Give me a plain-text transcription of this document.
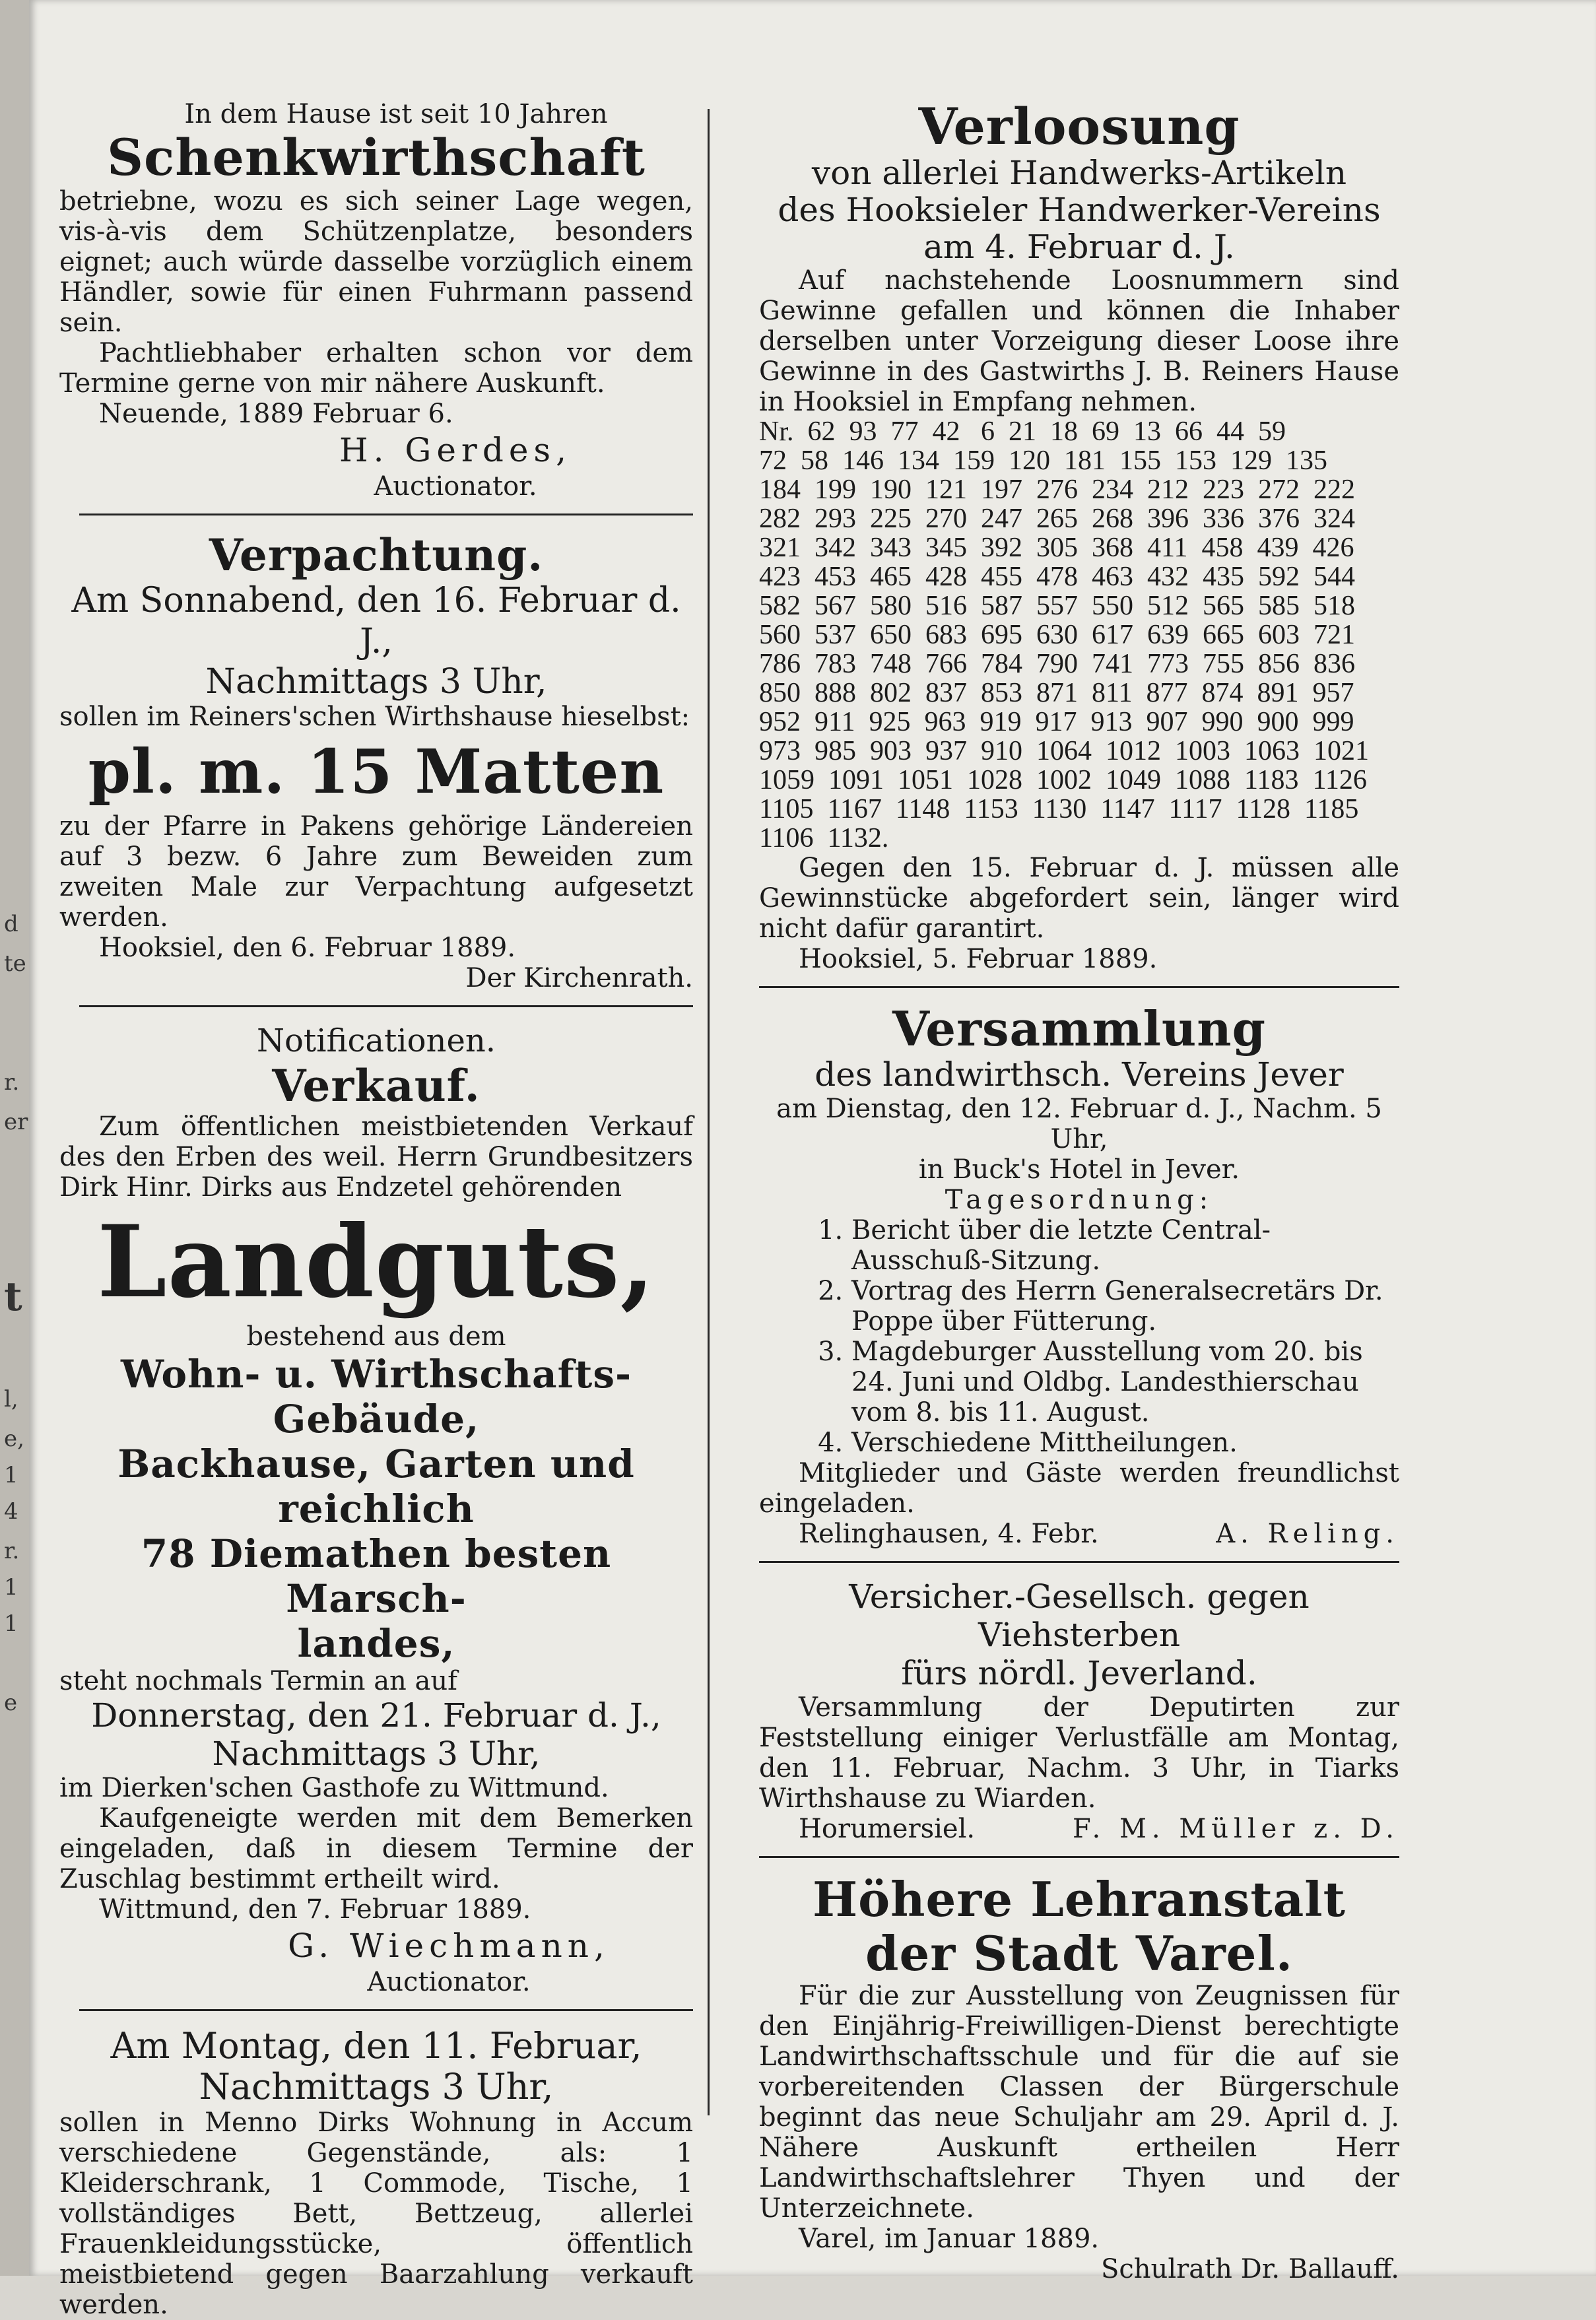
d
te
r.
er
t
l,
e,
1
4
r.
1
1
e

In dem Hause ist seit 10 Jahren

Schenkwirthschaft

betriebne, wozu es sich seiner Lage wegen, vis-à-vis dem Schützenplatze, besonders eignet; auch würde dasselbe vorzüglich einem Händler, sowie für einen Fuhrmann passend sein.

Pachtliebhaber erhalten schon vor dem Termine gerne von mir nähere Auskunft.

Neuende, 1889 Februar 6.

H. Gerdes,

Auctionator.

Verpachtung.

Am Sonnabend, den 16. Februar d. J.,

Nachmittags 3 Uhr,

sollen im Reiners'schen Wirthshause hieselbst:

pl. m. 15 Matten

zu der Pfarre in Pakens gehörige Ländereien auf 3 bezw. 6 Jahre zum Beweiden zum zweiten Male zur Verpachtung aufgesetzt werden.

Hooksiel, den 6. Februar 1889.

Der Kirchenrath.

Notificationen.

Verkauf.

Zum öffentlichen meistbietenden Verkauf des den Erben des weil. Herrn Grundbesitzers Dirk Hinr. Dirks aus Endzetel gehörenden

Landguts,

bestehend aus dem

Wohn- u. Wirthschafts-Gebäude,

Backhause, Garten und reichlich

78 Diemathen besten Marsch-

landes,

steht nochmals Termin an auf

Donnerstag, den 21. Februar d. J.,

Nachmittags 3 Uhr,

im Dierken'schen Gasthofe zu Wittmund.

Kaufgeneigte werden mit dem Bemerken eingeladen, daß in diesem Termine der Zuschlag bestimmt ertheilt wird.

Wittmund, den 7. Februar 1889.

G. Wiechmann,

Auctionator.

Am Montag, den 11. Februar,

Nachmittags 3 Uhr,

sollen in Menno Dirks Wohnung in Accum verschiedene Gegenstände, als: 1 Kleiderschrank, 1 Commode, Tische, 1 vollständiges Bett, Bettzeug, allerlei Frauenkleidungsstücke, öffentlich meistbietend gegen Baarzahlung verkauft werden.

Verloosung

von allerlei Handwerks-Artikeln

des Hooksieler Handwerker-Vereins

am 4. Februar d. J.

Auf nachstehende Loosnummern sind Gewinne gefallen und können die Inhaber derselben unter Vorzeigung dieser Loose ihre Gewinne in des Gastwirths J. B. Reiners Hause in Hooksiel in Empfang nehmen.

Nr.  62  93  77  42   6  21  18  69  13  66  44  59

72  58  146  134  159  120  181  155  153  129  135

184  199  190  121  197  276  234  212  223  272  222

282  293  225  270  247  265  268  396  336  376  324

321  342  343  345  392  305  368  411  458  439  426

423  453  465  428  455  478  463  432  435  592  544

582  567  580  516  587  557  550  512  565  585  518

560  537  650  683  695  630  617  639  665  603  721

786  783  748  766  784  790  741  773  755  856  836

850  888  802  837  853  871  811  877  874  891  957

952  911  925  963  919  917  913  907  990  900  999

973  985  903  937  910  1064  1012  1003  1063  1021

1059  1091  1051  1028  1002  1049  1088  1183  1126

1105  1167  1148  1153  1130  1147  1117  1128  1185

1106  1132.

Gegen den 15. Februar d. J. müssen alle Gewinnstücke abgefordert sein, länger wird nicht dafür garantirt.

Hooksiel, 5. Februar 1889.

Versammlung

des landwirthsch. Vereins Jever

am Dienstag, den 12. Februar d. J., Nachm. 5 Uhr,

in Buck's Hotel in Jever.

Tagesordnung:

1. Bericht über die letzte Central-Ausschuß-Sitzung.
2. Vortrag des Herrn Generalsecretärs Dr. Poppe über Fütterung.
3. Magdeburger Ausstellung vom 20. bis 24. Juni und Oldbg. Landesthierschau vom 8. bis 11. August.
4. Verschiedene Mittheilungen.

Mitglieder und Gäste werden freundlichst eingeladen.

Relinghausen, 4. Febr.	A. Reling.

Versicher.-Gesellsch. gegen Viehsterben

fürs nördl. Jeverland.

Versammlung der Deputirten zur Feststellung einiger Verlustfälle am Montag, den 11. Februar, Nachm. 3 Uhr, in Tiarks Wirthshause zu Wiarden.

Horumersiel.	F. M. Müller z. D.

Höhere Lehranstalt

der Stadt Varel.

Für die zur Ausstellung von Zeugnissen für den Einjährig-Freiwilligen-Dienst berechtigte Landwirthschaftsschule und für die auf sie vorbereitenden Classen der Bürgerschule beginnt das neue Schuljahr am 29. April d. J. Nähere Auskunft ertheilen Herr Landwirthschaftslehrer Thyen und der Unterzeichnete.

Varel, im Januar 1889.

Schulrath Dr. Ballauff.
